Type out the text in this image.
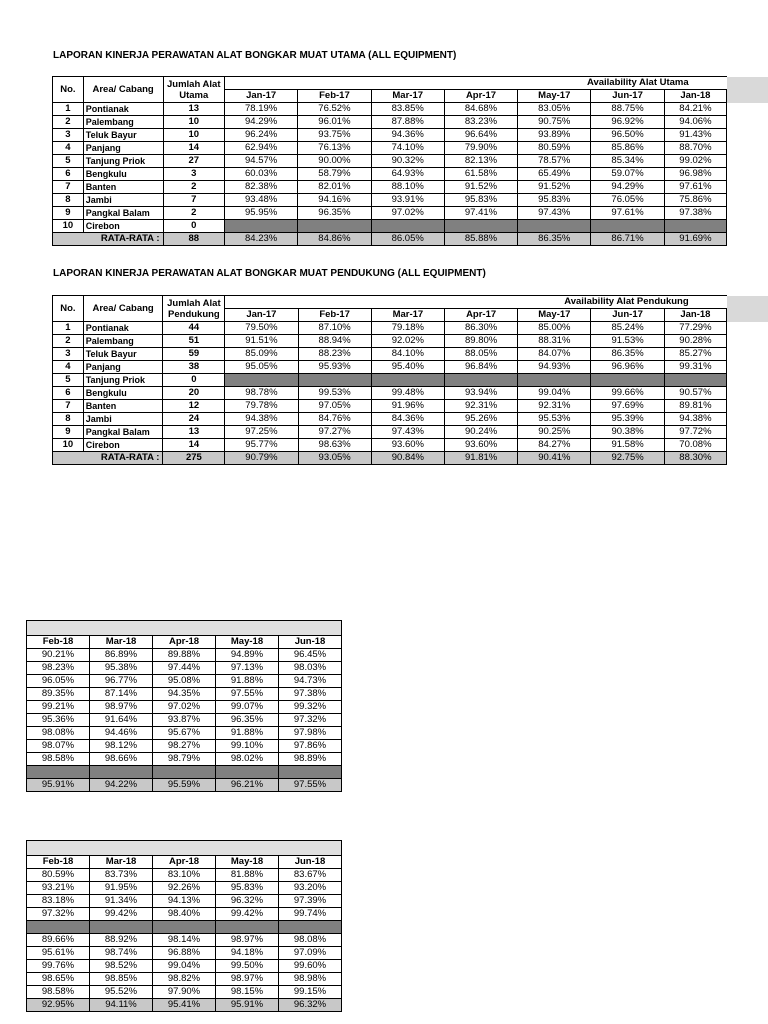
LAPORAN KINERJA PERAWATAN ALAT BONGKAR MUAT UTAMA (ALL EQUIPMENT)
No.	Area/ Cabang	Jumlah Alat Utama	Availability Alat Utama							
			Jan-17	Feb-17	Mar-17	Apr-17	May-17	Jun-17	Jan-18	
1	Pontianak	13	78.19%	76.52%	83.85%	84.68%	83.05%	88.75%	84.21%	
2	Palembang	10	94.29%	96.01%	87.88%	83.23%	90.75%	96.92%	94.06%	
3	Teluk Bayur	10	96.24%	93.75%	94.36%	96.64%	93.89%	96.50%	91.43%	
4	Panjang	14	62.94%	76.13%	74.10%	79.90%	80.59%	85.86%	88.70%	
5	Tanjung Priok	27	94.57%	90.00%	90.32%	82.13%	78.57%	85.34%	99.02%	
6	Bengkulu	3	60.03%	58.79%	64.93%	61.58%	65.49%	59.07%	96.98%	
7	Banten	2	82.38%	82.01%	88.10%	91.52%	91.52%	94.29%	97.61%	
8	Jambi	7	93.48%	94.16%	93.91%	95.83%	95.83%	76.05%	75.86%	
9	Pangkal Balam	2	95.95%	96.35%	97.02%	97.41%	97.43%	97.61%	97.38%	
10	Cirebon	0								
RATA-RATA :		88	84.23%	84.86%	86.05%	85.88%	86.35%	86.71%	91.69%	
LAPORAN KINERJA PERAWATAN ALAT BONGKAR MUAT PENDUKUNG (ALL EQUIPMENT)
No.	Area/ Cabang	Jumlah Alat Pendukung	Availability Alat Pendukung							
			Jan-17	Feb-17	Mar-17	Apr-17	May-17	Jun-17	Jan-18	
1	Pontianak	44	79.50%	87.10%	79.18%	86.30%	85.00%	85.24%	77.29%	
2	Palembang	51	91.51%	88.94%	92.02%	89.80%	88.31%	91.53%	90.28%	
3	Teluk Bayur	59	85.09%	88.23%	84.10%	88.05%	84.07%	86.35%	85.27%	
4	Panjang	38	95.05%	95.93%	95.40%	96.84%	94.93%	96.96%	99.31%	
5	Tanjung Priok	0								
6	Bengkulu	20	98.78%	99.53%	99.48%	93.94%	99.04%	99.66%	90.57%	
7	Banten	12	79.78%	97.05%	91.96%	92.31%	92.31%	97.69%	89.81%	
8	Jambi	24	94.38%	84.76%	84.36%	95.26%	95.53%	95.39%	94.38%	
9	Pangkal Balam	13	97.25%	97.27%	97.43%	90.24%	90.25%	90.38%	97.72%	
10	Cirebon	14	95.77%	98.63%	93.60%	93.60%	84.27%	91.58%	70.08%	
RATA-RATA :		275	90.79%	93.05%	90.84%	91.81%	90.41%	92.75%	88.30%	

Feb-18	Mar-18	Apr-18	May-18	Jun-18
90.21%	86.89%	89.88%	94.89%	96.45%
98.23%	95.38%	97.44%	97.13%	98.03%
96.05%	96.77%	95.08%	91.88%	94.73%
89.35%	87.14%	94.35%	97.55%	97.38%
99.21%	98.97%	97.02%	99.07%	99.32%
95.36%	91.64%	93.87%	96.35%	97.32%
98.08%	94.46%	95.67%	91.88%	97.98%
98.07%	98.12%	98.27%	99.10%	97.86%
98.58%	98.66%	98.79%	98.02%	98.89%

95.91%	94.22%	95.59%	96.21%	97.55%

Feb-18	Mar-18	Apr-18	May-18	Jun-18
80.59%	83.73%	83.10%	81.88%	83.67%
93.21%	91.95%	92.26%	95.83%	93.20%
83.18%	91.34%	94.13%	96.32%	97.39%
97.32%	99.42%	98.40%	99.42%	99.74%

89.66%	88.92%	98.14%	98.97%	98.08%
95.61%	98.74%	96.88%	94.18%	97.09%
99.76%	98.52%	99.04%	99.50%	99.60%
98.65%	98.85%	98.82%	98.97%	98.98%
98.58%	95.52%	97.90%	98.15%	99.15%
92.95%	94.11%	95.41%	95.91%	96.32%
